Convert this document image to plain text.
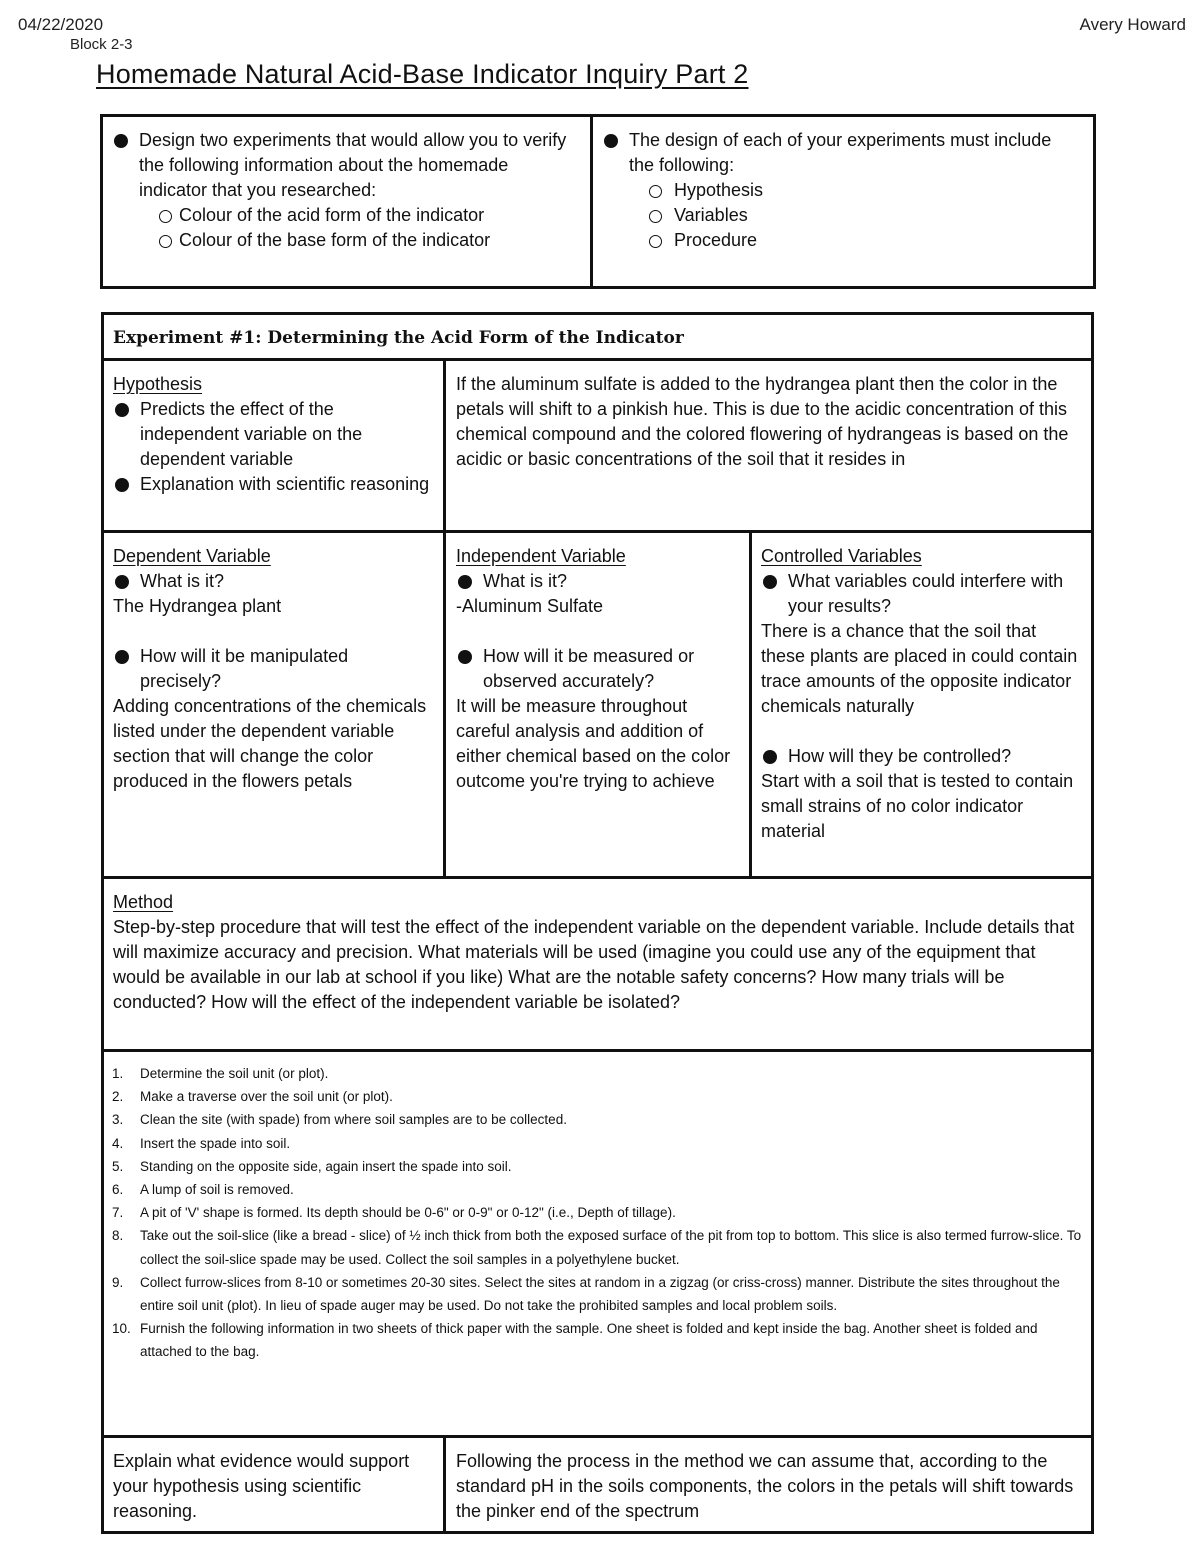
04/22/2020
Block 2-3
Avery Howard
Homemade Natural Acid-Base Indicator Inquiry Part 2
Design two experiments that would allow you to verify the following information about the homemade indicator that you researched:
Colour of the acid form of the indicator
Colour of the base form of the indicator
The design of each of your experiments must include the following:
Hypothesis
Variables
Procedure
Experiment #1: Determining the Acid Form of the Indicator
Hypothesis
Predicts the effect of the independent variable on the dependent variable
Explanation with scientific reasoning
If the aluminum sulfate is added to the hydrangea plant then the color in the petals will shift to a pinkish hue. This is due to the acidic concentration of this chemical compound and the colored flowering of hydrangeas is based on the acidic or basic concentrations of the soil that it resides in
Dependent Variable
What is it?
The Hydrangea plant
How will it be manipulated precisely?
Adding concentrations of the chemicals listed under the dependent variable section that will change the color produced in the flowers petals
Independent Variable
What is it?
-Aluminum Sulfate
How will it be measured or observed accurately?
It will be measure throughout careful analysis and addition of either chemical based on the color outcome you're trying to achieve
Controlled Variables
What variables could interfere with your results?
There is a chance that the soil that these plants are placed in could contain trace amounts of the opposite indicator chemicals naturally
How will they be controlled?
Start with a soil that is tested to contain small strains of no color indicator material
Method
Step-by-step procedure that will test the effect of the independent variable on the dependent variable. Include details that will maximize accuracy and precision. What materials will be used (imagine you could use any of the equipment that would be available in our lab at school if you like) What are the notable safety concerns? How many trials will be conducted? How will the effect of the independent variable be isolated?
1. Determine the soil unit (or plot).
2. Make a traverse over the soil unit (or plot).
3. Clean the site (with spade) from where soil samples are to be collected.
4. Insert the spade into soil.
5. Standing on the opposite side, again insert the spade into soil.
6. A lump of soil is removed.
7. A pit of 'V' shape is formed. Its depth should be 0-6" or 0-9" or 0-12" (i.e., Depth of tillage).
8. Take out the soil-slice (like a bread - slice) of ½ inch thick from both the exposed surface of the pit from top to bottom. This slice is also termed furrow-slice. To collect the soil-slice spade may be used. Collect the soil samples in a polyethylene bucket.
9. Collect furrow-slices from 8-10 or sometimes 20-30 sites. Select the sites at random in a zigzag (or criss-cross) manner. Distribute the sites throughout the entire soil unit (plot). In lieu of spade auger may be used. Do not take the prohibited samples and local problem soils.
10. Furnish the following information in two sheets of thick paper with the sample. One sheet is folded and kept inside the bag. Another sheet is folded and attached to the bag.
Explain what evidence would support your hypothesis using scientific reasoning.
Following the process in the method we can assume that, according to the standard pH in the soils components, the colors in the petals will shift towards the pinker end of the spectrum
